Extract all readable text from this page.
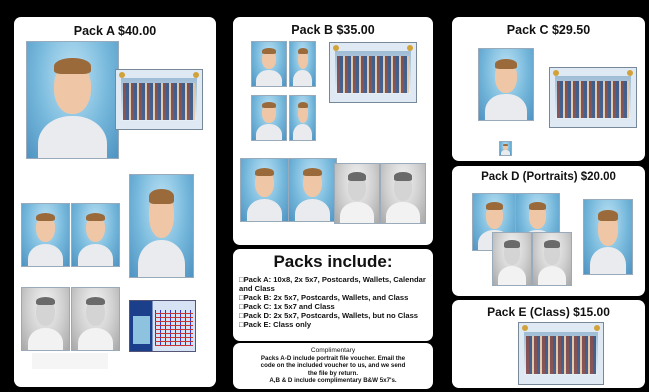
Pack A $40.00	Pack B $35.00
Packs include:
□ Pack A: 10x8, 2x 5x7, Postcards, Wallets, Calendar and Class
□ Pack B: 2x 5x7, Postcards, Wallets, and Class
□ Pack C: 1x 5x7 and Class
□ Pack D: 2x 5x7, Postcards, Wallets, but no Class
□ Pack E: Class only
Complimentary
Packs A-D include portrait file voucher. Email the
code on the included voucher to us, and we send
the file by return.
A,B & D include complimentary B&W 5x7's.
Pack C $29.50
Pack D (Portraits) $20.00
Pack E (Class) $15.00
